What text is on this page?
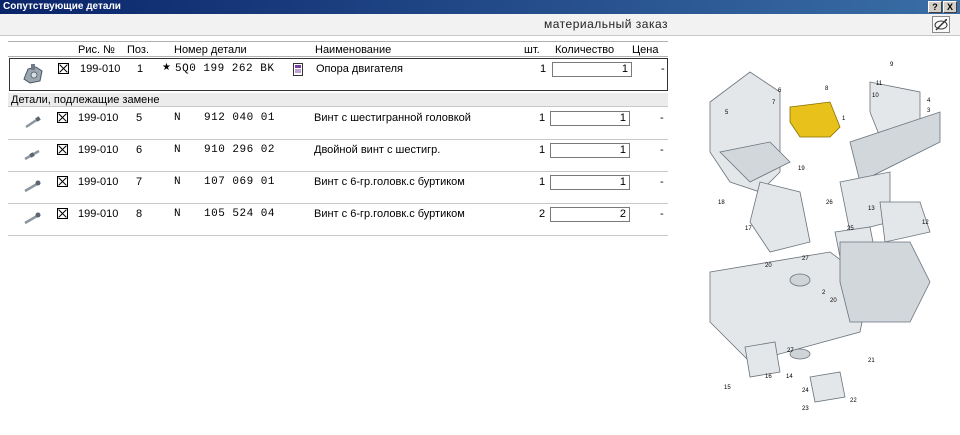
Сопутствующие детали	?	X
материальный заказ
Рис. № Поз. Номер детали	Наименование	шт. Количество Цена
199-010 1 ★ 5Q0 199 262 BK	Опора двигателя	1	1	-
Детали, подлежащие замене
199-010 5	N 912 040 01	Винт с шестигранной головкой	1	1	-
199-010 6	N 910 296 02	Двойной винт с шестигр.	1	1	-
199-010 7	N 107 069 01	Винт с 6-гр.головк.с буртиком	1	1	-
199-010 8	N 105 524 04	Винт с 6-гр.головк.с буртиком	2	2	-
1
2
3
4
5
6
7
8
9
10
11
12
13
14
15
16
17
18
19
20
20
21
22
23
24
25
26
27
27
